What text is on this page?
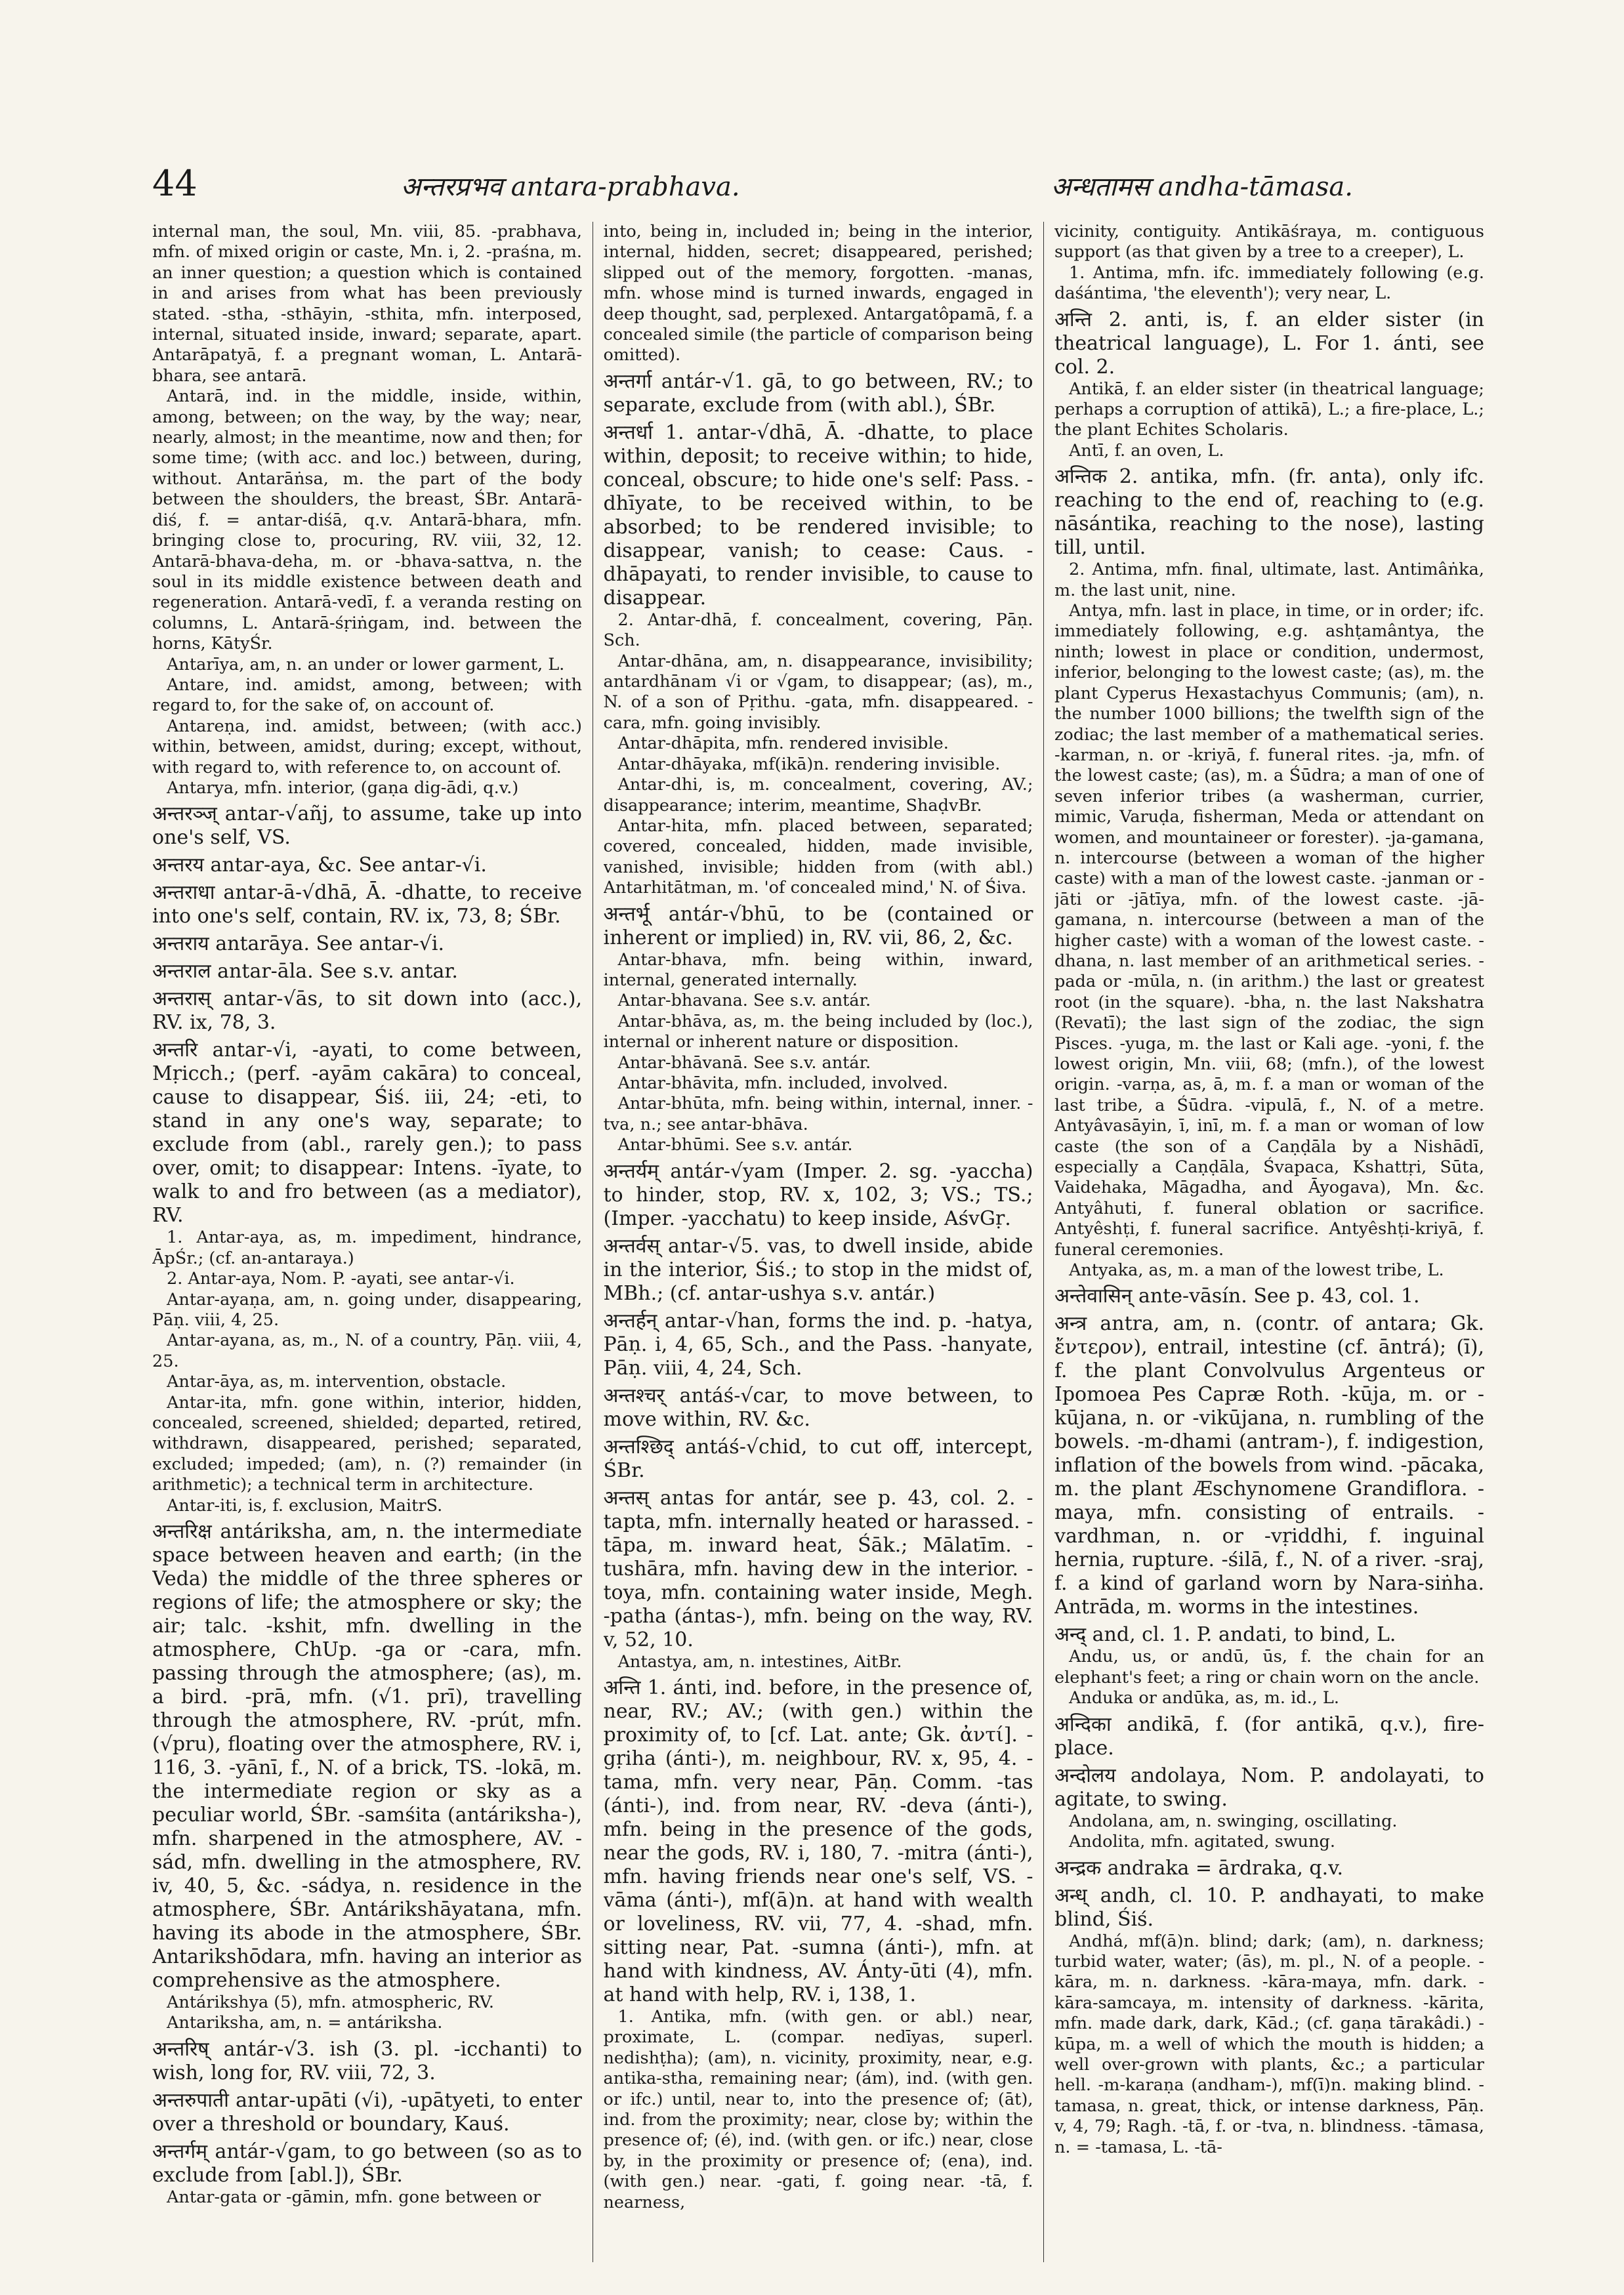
44	अन्तरप्रभव antara-prabhava.	अन्धतामस andha-tāmasa.

internal man, the soul, Mn. viii, 85. -prabhava, mfn. of mixed origin or caste, Mn. i, 2. -praśna, m. an inner question; a question which is contained in and arises from what has been previously stated. -stha, -sthāyin, -sthita, mfn. interposed, internal, situated inside, inward; separate, apart. Antarāpatyā, f. a pregnant woman, L. Antarā-bhara, see antarā.

Antarā, ind. in the middle, inside, within, among, between; on the way, by the way; near, nearly, almost; in the meantime, now and then; for some time; (with acc. and loc.) between, during, without. Antarāṅsa, m. the part of the body between the shoulders, the breast, ŚBr. Antarā-diś, f. = antar-diśā, q.v. Antarā-bhara, mfn. bringing close to, procuring, RV. viii, 32, 12. Antarā-bhava-deha, m. or -bhava-sattva, n. the soul in its middle existence between death and regeneration. Antarā-vedī, f. a veranda resting on columns, L. Antarā-śṛiṅgam, ind. between the horns, KātyŚr.

Antarīya, am, n. an under or lower garment, L.

Antare, ind. amidst, among, between; with regard to, for the sake of, on account of.

Antareṇa, ind. amidst, between; (with acc.) within, between, amidst, during; except, without, with regard to, with reference to, on account of.

Antarya, mfn. interior, (gaṇa dig-ādi, q.v.)

अन्तरञ्ज् antar-√añj, to assume, take up into one's self, VS.

अन्तरय antar-aya, &c. See antar-√i.

अन्तराधा antar-ā-√dhā, Ā. -dhatte, to receive into one's self, contain, RV. ix, 73, 8; ŚBr.

अन्तराय antarāya. See antar-√i.

अन्तराल antar-āla. See s.v. antar.

अन्तरास् antar-√ās, to sit down into (acc.), RV. ix, 78, 3.

अन्तरि antar-√i, -ayati, to come between, Mṛicch.; (perf. -ayām cakāra) to conceal, cause to disappear, Śiś. iii, 24; -eti, to stand in any one's way, separate; to exclude from (abl., rarely gen.); to pass over, omit; to disappear: Intens. -īyate, to walk to and fro between (as a mediator), RV.

1. Antar-aya, as, m. impediment, hindrance, ĀpŚr.; (cf. an-antaraya.)

2. Antar-aya, Nom. P. -ayati, see antar-√i.

Antar-ayaṇa, am, n. going under, disappearing, Pāṇ. viii, 4, 25.

Antar-ayana, as, m., N. of a country, Pāṇ. viii, 4, 25.

Antar-āya, as, m. intervention, obstacle.

Antar-ita, mfn. gone within, interior, hidden, concealed, screened, shielded; departed, retired, withdrawn, disappeared, perished; separated, excluded; impeded; (am), n. (?) remainder (in arithmetic); a technical term in architecture.

Antar-iti, is, f. exclusion, MaitrS.

अन्तरिक्ष antáriksha, am, n. the intermediate space between heaven and earth; (in the Veda) the middle of the three spheres or regions of life; the atmosphere or sky; the air; talc. -kshit, mfn. dwelling in the atmosphere, ChUp. -ga or -cara, mfn. passing through the atmosphere; (as), m. a bird. -prā, mfn. (√1. prī), travelling through the atmosphere, RV. -prút, mfn. (√pru), floating over the atmosphere, RV. i, 116, 3. -yānī, f., N. of a brick, TS. -lokā, m. the intermediate region or sky as a peculiar world, ŚBr. -samśita (antáriksha-), mfn. sharpened in the atmosphere, AV. -sád, mfn. dwelling in the atmosphere, RV. iv, 40, 5, &c. -sádya, n. residence in the atmosphere, ŚBr. Antárikshāyatana, mfn. having its abode in the atmosphere, ŚBr. Antarikshōdara, mfn. having an interior as comprehensive as the atmosphere.

Antárikshya (5), mfn. atmospheric, RV.

Antariksha, am, n. = antáriksha.

अन्तरिष् antár-√3. ish (3. pl. -icchanti) to wish, long for, RV. viii, 72, 3.

अन्तरुपाती antar-upāti (√i), -upātyeti, to enter over a threshold or boundary, Kauś.

अन्तर्गम् antár-√gam, to go between (so as to exclude from [abl.]), ŚBr.

Antar-gata or -gāmin, mfn. gone between or

into, being in, included in; being in the interior, internal, hidden, secret; disappeared, perished; slipped out of the memory, forgotten. -manas, mfn. whose mind is turned inwards, engaged in deep thought, sad, perplexed. Antargatôpamā, f. a concealed simile (the particle of comparison being omitted).

अन्तर्गा antár-√1. gā, to go between, RV.; to separate, exclude from (with abl.), ŚBr.

अन्तर्धा 1. antar-√dhā, Ā. -dhatte, to place within, deposit; to receive within; to hide, conceal, obscure; to hide one's self: Pass. -dhīyate, to be received within, to be absorbed; to be rendered invisible; to disappear, vanish; to cease: Caus. -dhāpayati, to render invisible, to cause to disappear.

2. Antar-dhā, f. concealment, covering, Pāṇ. Sch.

Antar-dhāna, am, n. disappearance, invisibility; antardhānam √i or √gam, to disappear; (as), m., N. of a son of Pṛithu. -gata, mfn. disappeared. -cara, mfn. going invisibly.

Antar-dhāpita, mfn. rendered invisible.

Antar-dhāyaka, mf(ikā)n. rendering invisible.

Antar-dhi, is, m. concealment, covering, AV.; disappearance; interim, meantime, ShaḍvBr.

Antar-hita, mfn. placed between, separated; covered, concealed, hidden, made invisible, vanished, invisible; hidden from (with abl.) Antarhitātman, m. 'of concealed mind,' N. of Śiva.

अन्तर्भू antár-√bhū, to be (contained or inherent or implied) in, RV. vii, 86, 2, &c.

Antar-bhava, mfn. being within, inward, internal, generated internally.

Antar-bhavana. See s.v. antár.

Antar-bhāva, as, m. the being included by (loc.), internal or inherent nature or disposition.

Antar-bhāvanā. See s.v. antár.

Antar-bhāvita, mfn. included, involved.

Antar-bhūta, mfn. being within, internal, inner. -tva, n.; see antar-bhāva.

Antar-bhūmi. See s.v. antár.

अन्तर्यम् antár-√yam (Imper. 2. sg. -yaccha) to hinder, stop, RV. x, 102, 3; VS.; TS.; (Imper. -yacchatu) to keep inside, AśvGṛ.

अन्तर्वस् antar-√5. vas, to dwell inside, abide in the interior, Śiś.; to stop in the midst of, MBh.; (cf. antar-ushya s.v. antár.)

अन्तर्हन् antar-√han, forms the ind. p. -hatya, Pāṇ. i, 4, 65, Sch., and the Pass. -hanyate, Pāṇ. viii, 4, 24, Sch.

अन्तश्चर् antáś-√car, to move between, to move within, RV. &c.

अन्तश्छिद् antáś-√chid, to cut off, intercept, ŚBr.

अन्तस् antas for antár, see p. 43, col. 2. -tapta, mfn. internally heated or harassed. -tāpa, m. inward heat, Śāk.; Mālatīm. -tushāra, mfn. having dew in the interior. -toya, mfn. containing water inside, Megh. -patha (ántas-), mfn. being on the way, RV. v, 52, 10.

Antastya, am, n. intestines, AitBr.

अन्ति 1. ánti, ind. before, in the presence of, near, RV.; AV.; (with gen.) within the proximity of, to [cf. Lat. ante; Gk. ἀντί]. -gṛiha (ánti-), m. neighbour, RV. x, 95, 4. -tama, mfn. very near, Pāṇ. Comm. -tas (ánti-), ind. from near, RV. -deva (ánti-), mfn. being in the presence of the gods, near the gods, RV. i, 180, 7. -mitra (ánti-), mfn. having friends near one's self, VS. -vāma (ánti-), mf(ā)n. at hand with wealth or loveliness, RV. vii, 77, 4. -shad, mfn. sitting near, Pat. -sumna (ánti-), mfn. at hand with kindness, AV. Ánty-ūti (4), mfn. at hand with help, RV. i, 138, 1.

1. Antika, mfn. (with gen. or abl.) near, proximate, L. (compar. nedīyas, superl. nedishṭha); (am), n. vicinity, proximity, near, e.g. antika-stha, remaining near; (ám), ind. (with gen. or ifc.) until, near to, into the presence of; (āt), ind. from the proximity; near, close by; within the presence of; (é), ind. (with gen. or ifc.) near, close by, in the proximity or presence of; (ena), ind. (with gen.) near. -gati, f. going near. -tā, f. nearness,

vicinity, contiguity. Antikāśraya, m. contiguous support (as that given by a tree to a creeper), L.

1. Antima, mfn. ifc. immediately following (e.g. daśántima, 'the eleventh'); very near, L.

अन्ति 2. anti, is, f. an elder sister (in theatrical language), L. For 1. ánti, see col. 2.

Antikā, f. an elder sister (in theatrical language; perhaps a corruption of attikā), L.; a fire-place, L.; the plant Echites Scholaris.

Antī, f. an oven, L.

अन्तिक 2. antika, mfn. (fr. anta), only ifc. reaching to the end of, reaching to (e.g. nāsántika, reaching to the nose), lasting till, until.

2. Antima, mfn. final, ultimate, last. Antimâṅka, m. the last unit, nine.

Antya, mfn. last in place, in time, or in order; ifc. immediately following, e.g. ashṭamântya, the ninth; lowest in place or condition, undermost, inferior, belonging to the lowest caste; (as), m. the plant Cyperus Hexastachyus Communis; (am), n. the number 1000 billions; the twelfth sign of the zodiac; the last member of a mathematical series. -karman, n. or -kriyā, f. funeral rites. -ja, mfn. of the lowest caste; (as), m. a Śūdra; a man of one of seven inferior tribes (a washerman, currier, mimic, Varuḍa, fisherman, Meda or attendant on women, and mountaineer or forester). -ja-gamana, n. intercourse (between a woman of the higher caste) with a man of the lowest caste. -janman or -jāti or -jātīya, mfn. of the lowest caste. -jā-gamana, n. intercourse (between a man of the higher caste) with a woman of the lowest caste. -dhana, n. last member of an arithmetical series. -pada or -mūla, n. (in arithm.) the last or greatest root (in the square). -bha, n. the last Nakshatra (Revatī); the last sign of the zodiac, the sign Pisces. -yuga, m. the last or Kali age. -yoni, f. the lowest origin, Mn. viii, 68; (mfn.), of the lowest origin. -varṇa, as, ā, m. f. a man or woman of the last tribe, a Śūdra. -vipulā, f., N. of a metre. Antyâvasāyin, ī, inī, m. f. a man or woman of low caste (the son of a Caṇḍāla by a Nishādī, especially a Caṇḍāla, Śvapaca, Kshattṛi, Sūta, Vaidehaka, Māgadha, and Āyogava), Mn. &c. Antyâhuti, f. funeral oblation or sacrifice. Antyêshṭi, f. funeral sacrifice. Antyêshṭi-kriyā, f. funeral ceremonies.

Antyaka, as, m. a man of the lowest tribe, L.

अन्तेवासिन् ante-vāsín. See p. 43, col. 1.

अन्त्र antra, am, n. (contr. of antara; Gk. ἔντερον), entrail, intestine (cf. āntrá); (ī), f. the plant Convolvulus Argenteus or Ipomoea Pes Capræ Roth. -kūja, m. or -kūjana, n. or -vikūjana, n. rumbling of the bowels. -m-dhami (antram-), f. indigestion, inflation of the bowels from wind. -pācaka, m. the plant Æschynomene Grandiflora. -maya, mfn. consisting of entrails. -vardhman, n. or -vṛiddhi, f. inguinal hernia, rupture. -śilā, f., N. of a river. -sraj, f. a kind of garland worn by Nara-siṅha. Antrāda, m. worms in the intestines.

अन्द् and, cl. 1. P. andati, to bind, L.

Andu, us, or andū, ūs, f. the chain for an elephant's feet; a ring or chain worn on the ancle.

Anduka or andūka, as, m. id., L.

अन्दिका andikā, f. (for antikā, q.v.), fire-place.

अन्दोलय andolaya, Nom. P. andolayati, to agitate, to swing.

Andolana, am, n. swinging, oscillating.

Andolita, mfn. agitated, swung.

अन्द्रक andraka = ārdraka, q.v.

अन्ध् andh, cl. 10. P. andhayati, to make blind, Śiś.

Andhá, mf(ā)n. blind; dark; (am), n. darkness; turbid water, water; (ās), m. pl., N. of a people. -kāra, m. n. darkness. -kāra-maya, mfn. dark. -kāra-samcaya, m. intensity of darkness. -kārita, mfn. made dark, dark, Kād.; (cf. gaṇa tārakâdi.) -kūpa, m. a well of which the mouth is hidden; a well over-grown with plants, &c.; a particular hell. -m-karaṇa (andham-), mf(ī)n. making blind. -tamasa, n. great, thick, or intense darkness, Pāṇ. v, 4, 79; Ragh. -tā, f. or -tva, n. blindness. -tāmasa, n. = -tamasa, L. -tā-
